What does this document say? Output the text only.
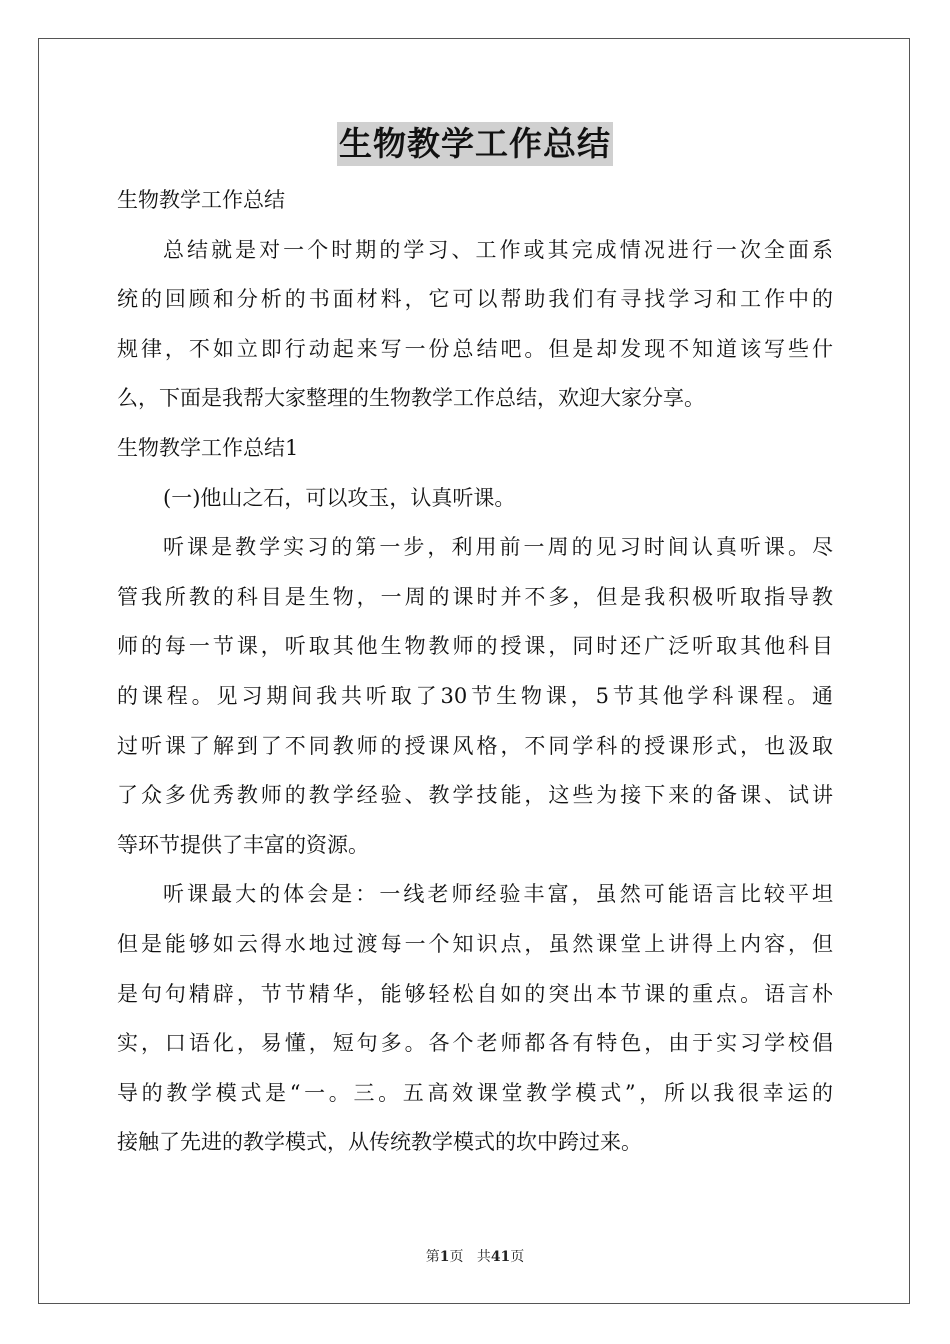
生物教学工作总结

生物教学工作总结

总结就是对一个时期的学习、工作或其完成情况进行一次全面系

统的回顾和分析的书面材料，它可以帮助我们有寻找学习和工作中的

规律，不如立即行动起来写一份总结吧。但是却发现不知道该写些什

么，下面是我帮大家整理的生物教学工作总结，欢迎大家分享。

生物教学工作总结1

(一)他山之石，可以攻玉，认真听课。

听课是教学实习的第一步，利用前一周的见习时间认真听课。尽

管我所教的科目是生物，一周的课时并不多，但是我积极听取指导教

师的每一节课，听取其他生物教师的授课，同时还广泛听取其他科目

的课程。见习期间我共听取了30节生物课，5节其他学科课程。通

过听课了解到了不同教师的授课风格，不同学科的授课形式，也汲取

了众多优秀教师的教学经验、教学技能，这些为接下来的备课、试讲

等环节提供了丰富的资源。

听课最大的体会是：一线老师经验丰富，虽然可能语言比较平坦

但是能够如云得水地过渡每一个知识点，虽然课堂上讲得上内容，但

是句句精辟，节节精华，能够轻松自如的突出本节课的重点。语言朴

实，口语化，易懂，短句多。各个老师都各有特色，由于实习学校倡

导的教学模式是“一。三。五高效课堂教学模式”，所以我很幸运的

接触了先进的教学模式，从传统教学模式的坎中跨过来。

第1页 共41页
